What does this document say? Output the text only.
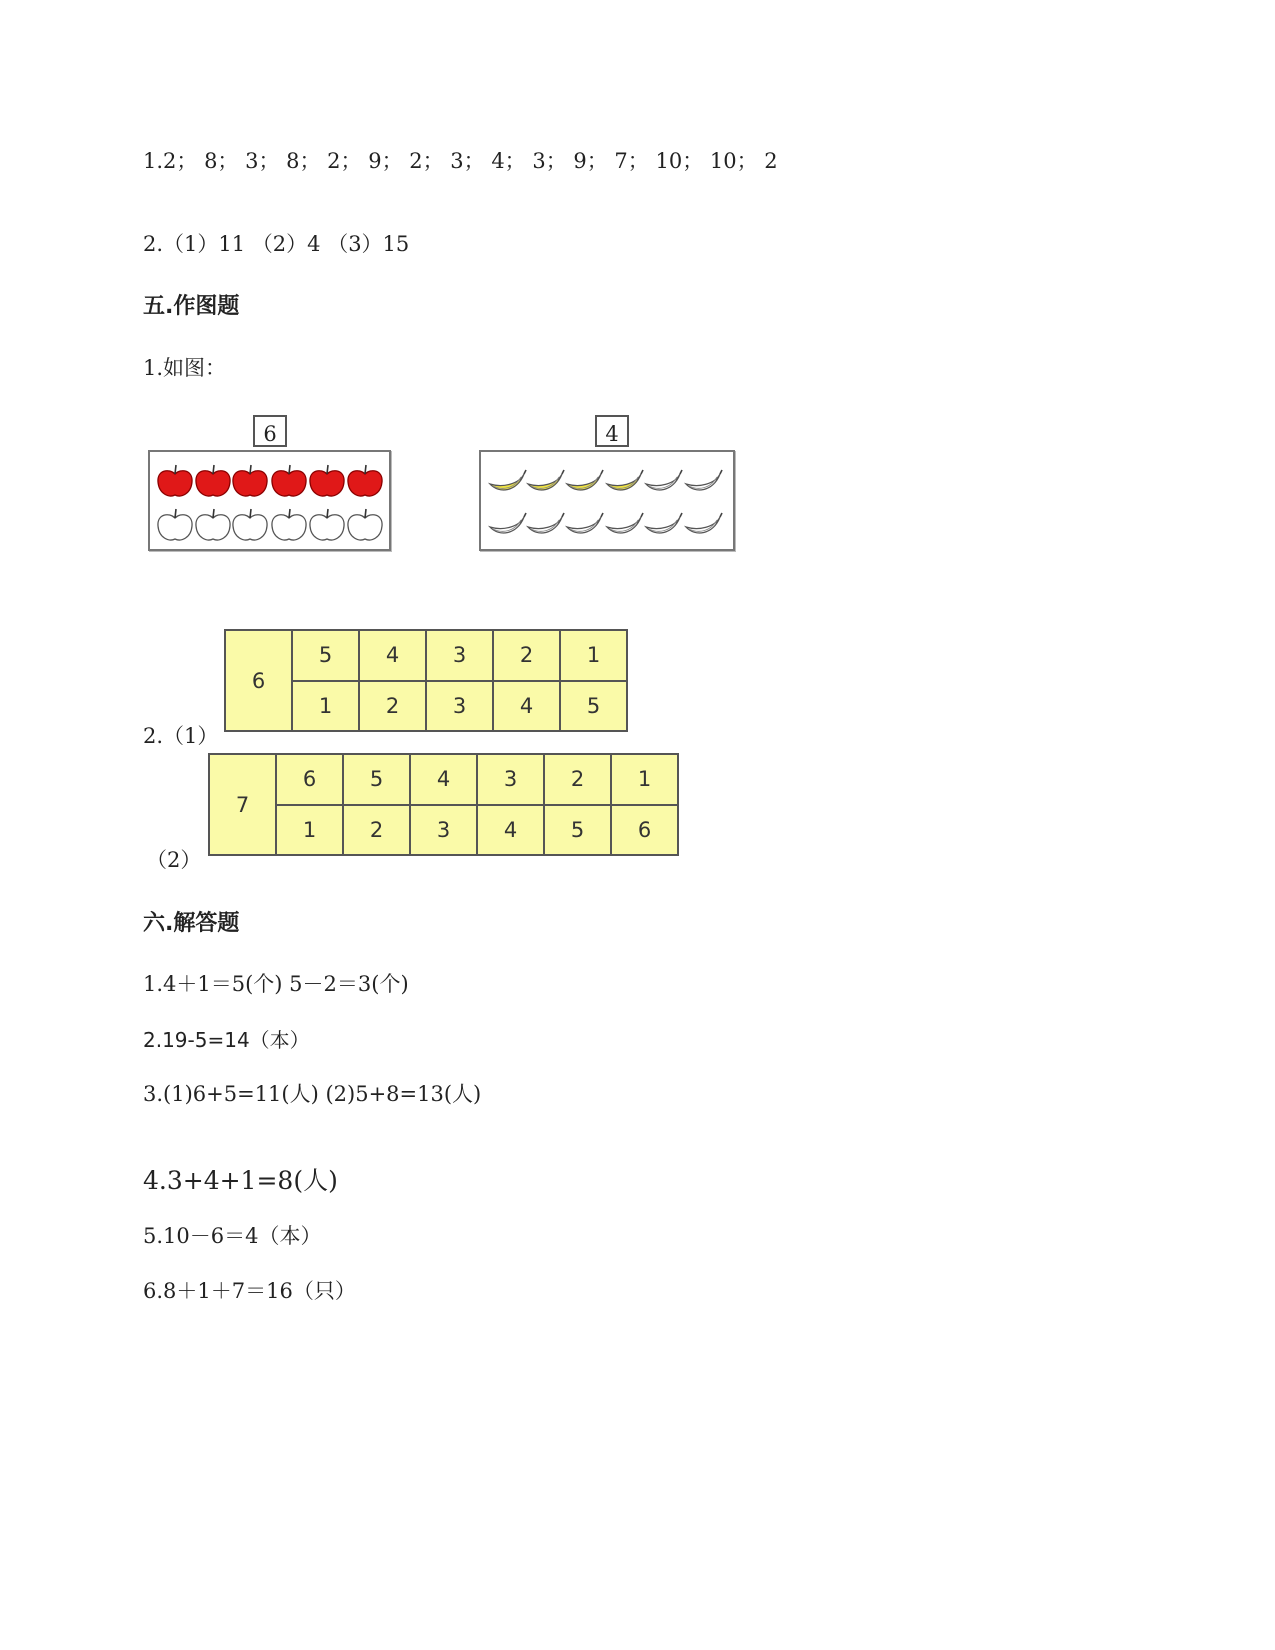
1.2； 8； 3； 8； 2； 9； 2； 3； 4； 3； 9； 7； 10； 10； 2
2.（1）11 （2）4 （3）15
五.作图题
1.如图：
6	4
2.（1）
6	5	4	3	2	1
	1	2	3	4	5
（2）
7	6	5	4	3	2	1
	1	2	3	4	5	6
六.解答题
1.4＋1＝5(个) 5－2＝3(个)
2.19-5=14（本）
3.(1)6+5=11(人) (2)5+8=13(人)
4.3+4+1=8(人)
5.10－6＝4（本）
6.8＋1＋7＝16（只）
